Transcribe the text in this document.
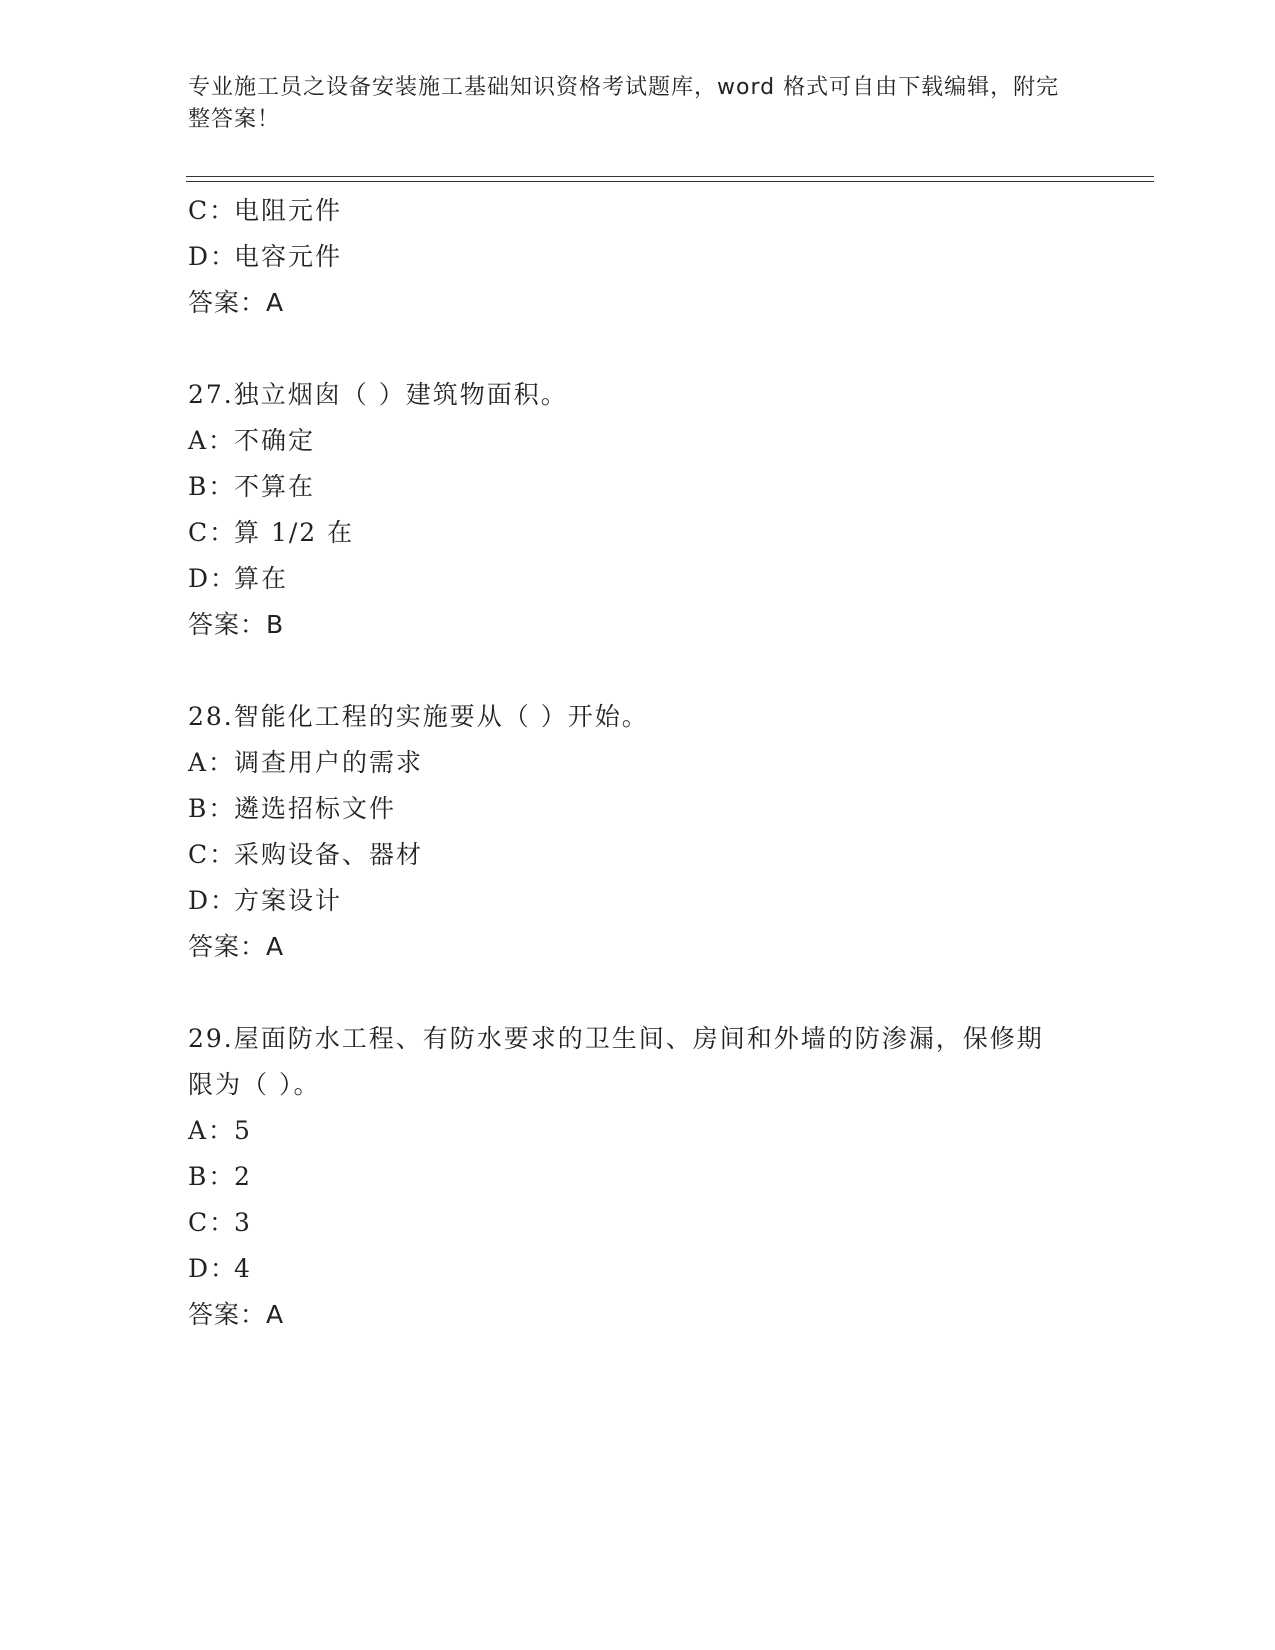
专业施工员之设备安装施工基础知识资格考试题库，word 格式可自由下载编辑，附完整答案！
C：电阻元件
D：电容元件
答案：A
27.独立烟囱（ ）建筑物面积。
A：不确定
B：不算在
C：算 1/2 在
D：算在
答案：B
28.智能化工程的实施要从（ ）开始。
A：调查用户的需求
B：遴选招标文件
C：采购设备、器材
D：方案设计
答案：A
29.屋面防水工程、有防水要求的卫生间、房间和外墙的防渗漏，保修期限为（ ）。
A：5
B：2
C：3
D：4
答案：A
